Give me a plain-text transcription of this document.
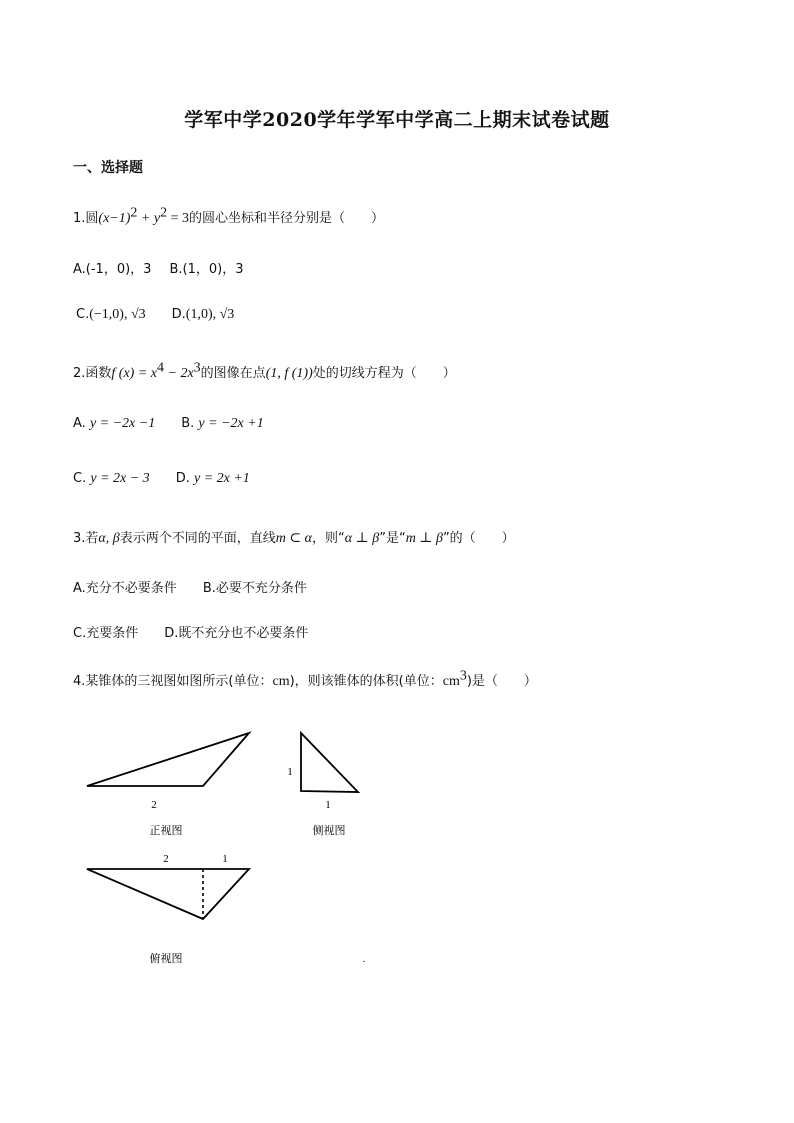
学军中学2020学年学军中学高二上期末试卷试题
一、选择题
1.圆$(x-1)^2 + y^2 = 3$的圆心坐标和半径分别是（　　）
A.(-1，0)，3 B.(1，0)，3
C.(−1,0), √3 D.(1,0), √3
2.函数f $(x) = x^4 - 2x^3$的图像在点(1, f (1))处的切线方程为（　　）
A. y = −2x −1 B. y = −2x +1
C. y = 2x − 3 D. y = 2x +1
3.若α, β表示两个不同的平面，直线m ⊂ α，则“α ⊥ β”是“m ⊥ β”的（　　）
A.充分不必要条件 B.必要不充分条件
C.充要条件 D.既不充分也不必要条件
4.某锥体的三视图如图所示(单位：cm)，则该锥体的体积(单位：$cm^3$)是（　　）
2
正视图
1
1
侧视图
2	1
俯视图	.
